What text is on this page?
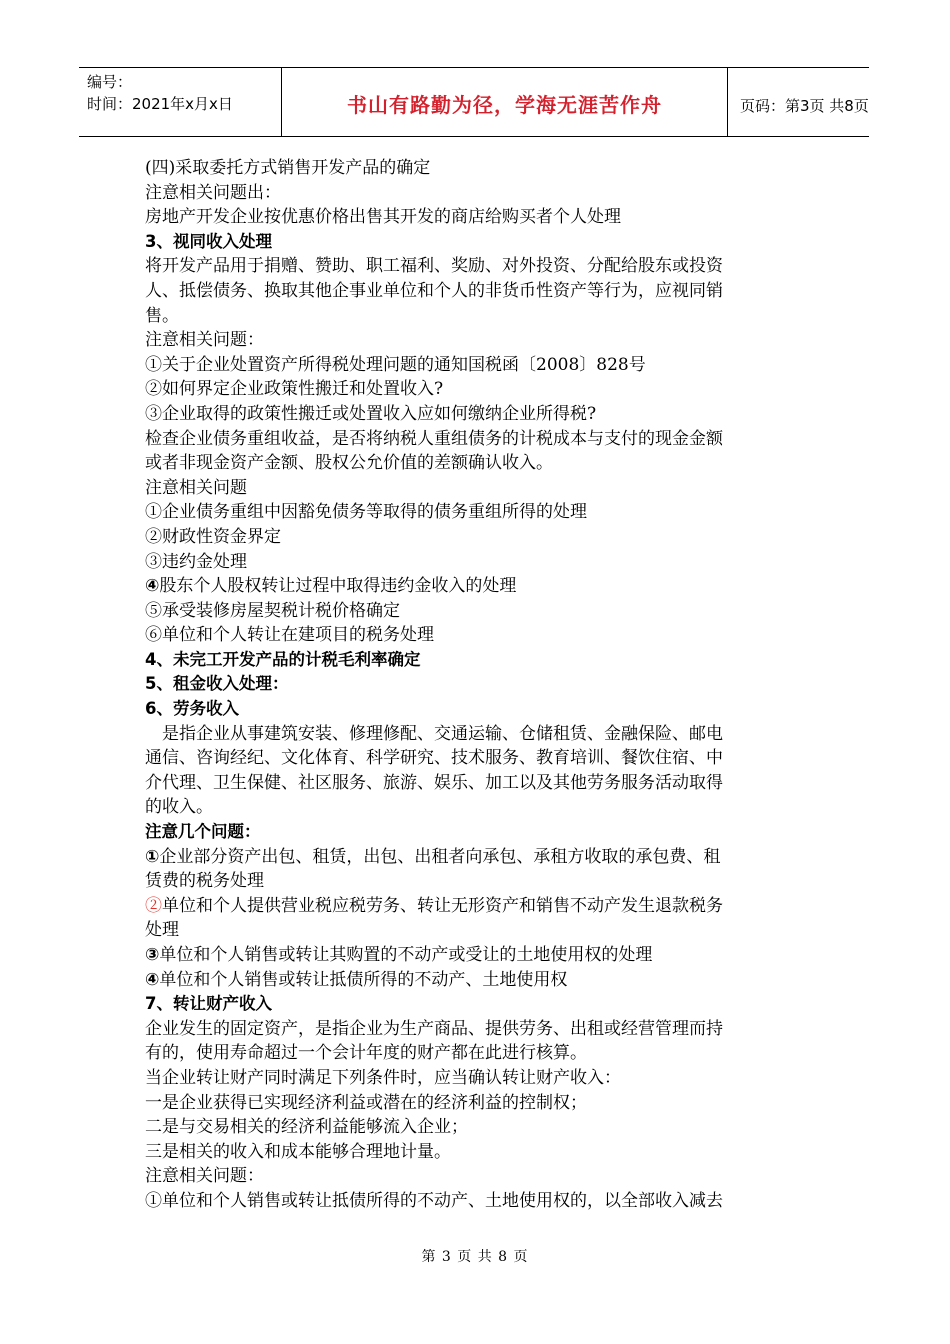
编号：
时间：2021年x月x日	书山有路勤为径，学海无涯苦作舟	页码：第3页 共8页

(四)采取委托方式销售开发产品的确定

注意相关问题出：

房地产开发企业按优惠价格出售其开发的商店给购买者个人处理

3、视同收入处理

将开发产品用于捐赠、赞助、职工福利、奖励、对外投资、分配给股东或投资

人、抵偿债务、换取其他企事业单位和个人的非货币性资产等行为，应视同销

售。

注意相关问题：

①关于企业处置资产所得税处理问题的通知国税函〔2008〕828号

②如何界定企业政策性搬迁和处置收入?

③企业取得的政策性搬迁或处置收入应如何缴纳企业所得税?

检查企业债务重组收益，是否将纳税人重组债务的计税成本与支付的现金金额

或者非现金资产金额、股权公允价值的差额确认收入。

注意相关问题

①企业债务重组中因豁免债务等取得的债务重组所得的处理

②财政性资金界定

③违约金处理

④股东个人股权转让过程中取得违约金收入的处理

⑤承受装修房屋契税计税价格确定

⑥单位和个人转让在建项目的税务处理

4、未完工开发产品的计税毛利率确定

5、租金收入处理：

6、劳务收入

是指企业从事建筑安装、修理修配、交通运输、仓储租赁、金融保险、邮电

通信、咨询经纪、文化体育、科学研究、技术服务、教育培训、餐饮住宿、中

介代理、卫生保健、社区服务、旅游、娱乐、加工以及其他劳务服务活动取得

的收入。

注意几个问题：

①企业部分资产出包、租赁，出包、出租者向承包、承租方收取的承包费、租

赁费的税务处理

②单位和个人提供营业税应税劳务、转让无形资产和销售不动产发生退款税务

处理

③单位和个人销售或转让其购置的不动产或受让的土地使用权的处理

④单位和个人销售或转让抵债所得的不动产、土地使用权

7、转让财产收入

企业发生的固定资产，是指企业为生产商品、提供劳务、出租或经营管理而持

有的，使用寿命超过一个会计年度的财产都在此进行核算。

当企业转让财产同时满足下列条件时，应当确认转让财产收入：

一是企业获得已实现经济利益或潜在的经济利益的控制权；

二是与交易相关的经济利益能够流入企业；

三是相关的收入和成本能够合理地计量。

注意相关问题：

①单位和个人销售或转让抵债所得的不动产、土地使用权的，以全部收入减去

第 3 页 共 8 页
